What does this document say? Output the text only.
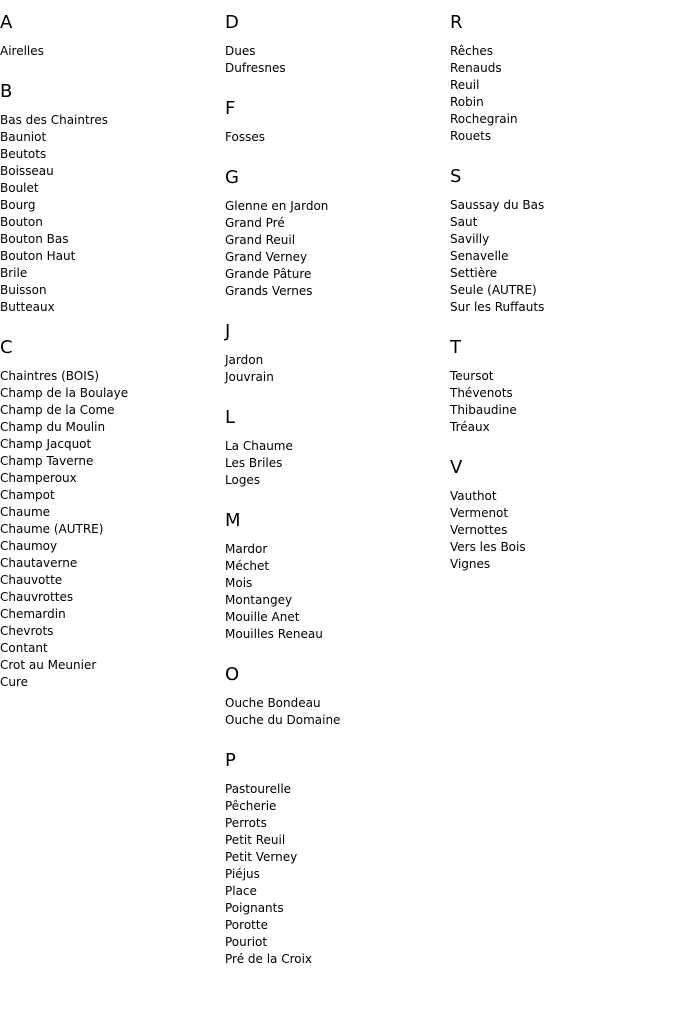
A
Airelles
B
Bas des Chaintres
Bauniot
Beutots
Boisseau
Boulet
Bourg
Bouton
Bouton Bas
Bouton Haut
Brile
Buisson
Butteaux
C
Chaintres (BOIS)
Champ de la Boulaye
Champ de la Come
Champ du Moulin
Champ Jacquot
Champ Taverne
Champeroux
Champot
Chaume
Chaume (AUTRE)
Chaumoy
Chautaverne
Chauvotte
Chauvrottes
Chemardin
Chevrots
Contant
Crot au Meunier
Cure
D
Dues
Dufresnes
F
Fosses
G
Glenne en Jardon
Grand Pré
Grand Reuil
Grand Verney
Grande Pâture
Grands Vernes
J
Jardon
Jouvrain
L
La Chaume
Les Briles
Loges
M
Mardor
Méchet
Mois
Montangey
Mouille Anet
Mouilles Reneau
O
Ouche Bondeau
Ouche du Domaine
P
Pastourelle
Pêcherie
Perrots
Petit Reuil
Petit Verney
Piéjus
Place
Poignants
Porotte
Pouriot
Pré de la Croix
R
Rêches
Renauds
Reuil
Robin
Rochegrain
Rouets
S
Saussay du Bas
Saut
Savilly
Senavelle
Settière
Seule (AUTRE)
Sur les Ruffauts
T
Teursot
Thévenots
Thibaudine
Tréaux
V
Vauthot
Vermenot
Vernottes
Vers les Bois
Vignes
